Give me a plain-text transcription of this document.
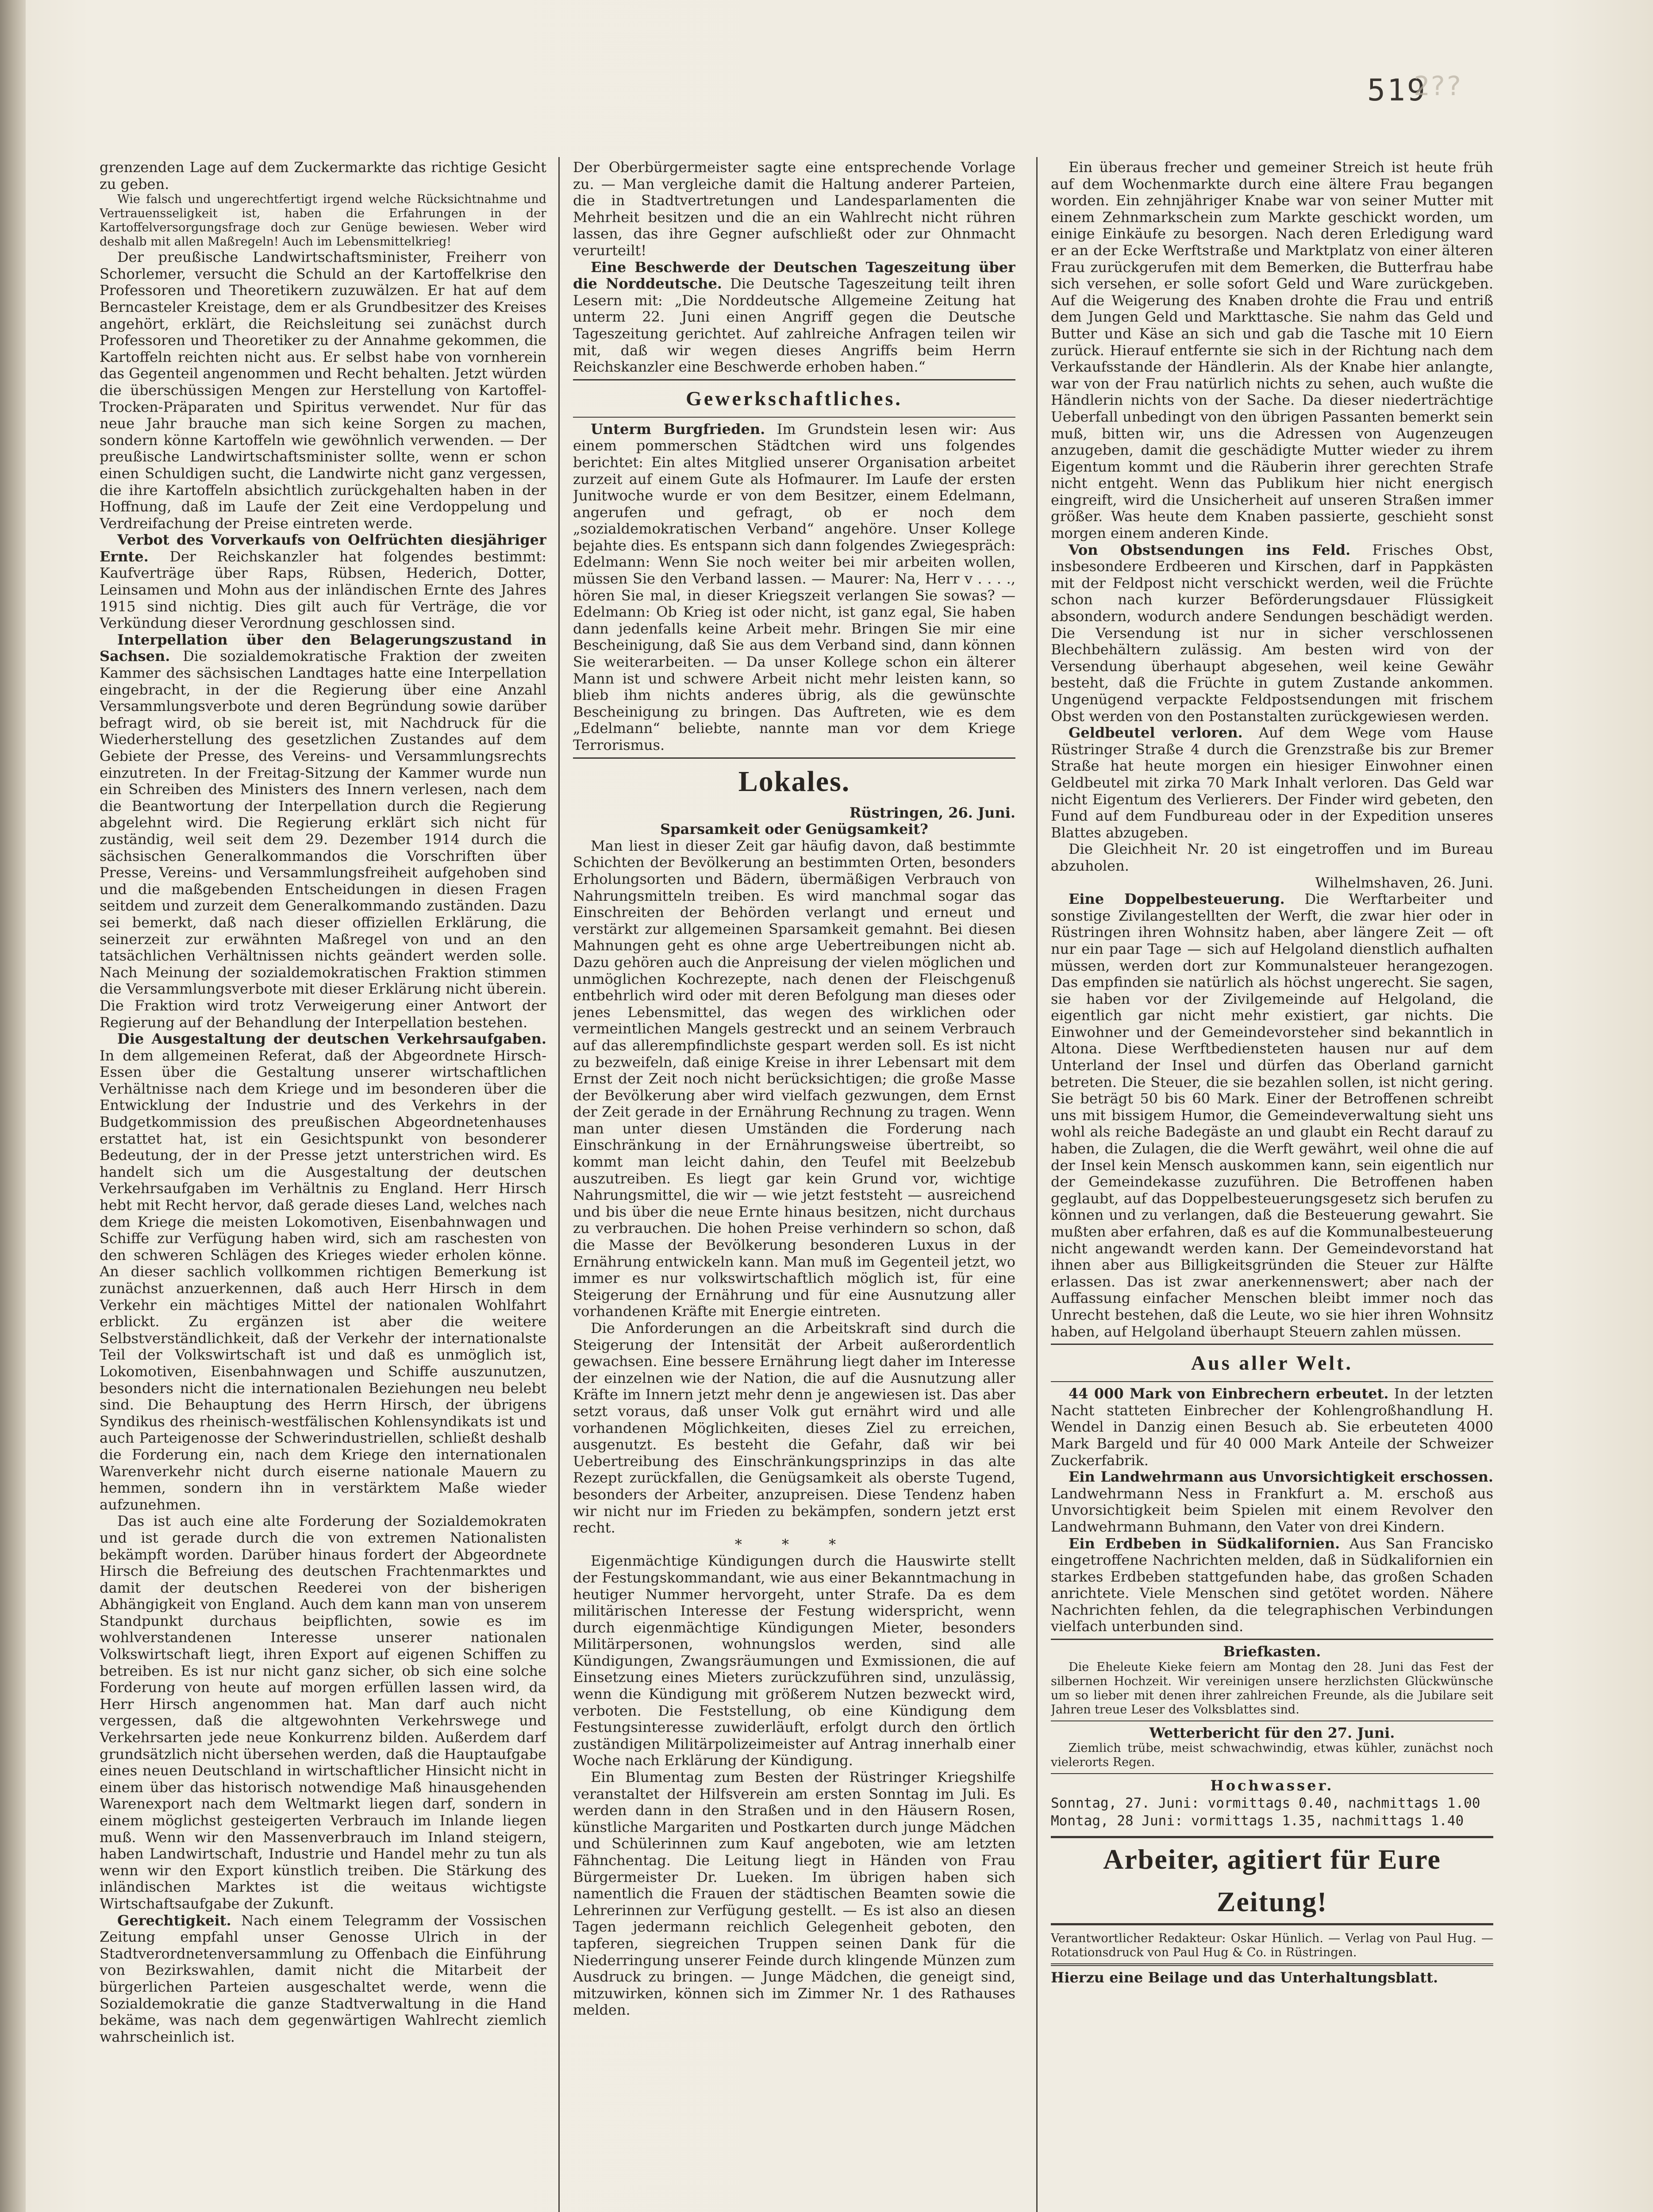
519
2??

grenzenden Lage auf dem Zuckermarkte das richtige Gesicht zu geben.

Wie falsch und ungerechtfertigt irgend welche Rücksichtnahme und Vertrauensseligkeit ist, haben die Erfahrungen in der Kartoffelversorgungsfrage doch zur Genüge bewiesen. Weber wird deshalb mit allen Maßregeln! Auch im Lebensmittelkrieg!

Der preußische Landwirtschaftsminister, Freiherr von Schorlemer, versucht die Schuld an der Kartoffelkrise den Professoren und Theoretikern zuzuwälzen. Er hat auf dem Berncasteler Kreistage, dem er als Grundbesitzer des Kreises angehört, erklärt, die Reichsleitung sei zunächst durch Professoren und Theoretiker zu der Annahme gekommen, die Kartoffeln reichten nicht aus. Er selbst habe von vornherein das Gegenteil angenommen und Recht behalten. Jetzt würden die überschüssigen Mengen zur Herstellung von Kartoffel-Trocken-Präparaten und Spiritus verwendet. Nur für das neue Jahr brauche man sich keine Sorgen zu machen, sondern könne Kartoffeln wie gewöhnlich verwenden. — Der preußische Landwirtschaftsminister sollte, wenn er schon einen Schuldigen sucht, die Landwirte nicht ganz vergessen, die ihre Kartoffeln absichtlich zurückgehalten haben in der Hoffnung, daß im Laufe der Zeit eine Verdoppelung und Verdreifachung der Preise eintreten werde.

Verbot des Vorverkaufs von Oelfrüchten diesjähriger Ernte. Der Reichskanzler hat folgendes bestimmt: Kaufverträge über Raps, Rübsen, Hederich, Dotter, Leinsamen und Mohn aus der inländischen Ernte des Jahres 1915 sind nichtig. Dies gilt auch für Verträge, die vor Verkündung dieser Verordnung geschlossen sind.

Interpellation über den Belagerungszustand in Sachsen. Die sozialdemokratische Fraktion der zweiten Kammer des sächsischen Landtages hatte eine Interpellation eingebracht, in der die Regierung über eine Anzahl Versammlungsverbote und deren Begründung sowie darüber befragt wird, ob sie bereit ist, mit Nachdruck für die Wiederherstellung des gesetzlichen Zustandes auf dem Gebiete der Presse, des Vereins- und Versammlungsrechts einzutreten. In der Freitag-Sitzung der Kammer wurde nun ein Schreiben des Ministers des Innern verlesen, nach dem die Beantwortung der Interpellation durch die Regierung abgelehnt wird. Die Regierung erklärt sich nicht für zuständig, weil seit dem 29. Dezember 1914 durch die sächsischen Generalkommandos die Vorschriften über Presse, Vereins- und Versammlungsfreiheit aufgehoben sind und die maßgebenden Entscheidungen in diesen Fragen seitdem und zurzeit dem Generalkommando zuständen. Dazu sei bemerkt, daß nach dieser offiziellen Erklärung, die seinerzeit zur erwähnten Maßregel von und an den tatsächlichen Verhältnissen nichts geändert werden solle. Nach Meinung der sozialdemokratischen Fraktion stimmen die Versammlungsverbote mit dieser Erklärung nicht überein. Die Fraktion wird trotz Verweigerung einer Antwort der Regierung auf der Behandlung der Interpellation bestehen.

Die Ausgestaltung der deutschen Verkehrsaufgaben. In dem allgemeinen Referat, daß der Abgeordnete Hirsch-Essen über die Gestaltung unserer wirtschaftlichen Verhältnisse nach dem Kriege und im besonderen über die Entwicklung der Industrie und des Verkehrs in der Budgetkommission des preußischen Abgeordnetenhauses erstattet hat, ist ein Gesichtspunkt von besonderer Bedeutung, der in der Presse jetzt unterstrichen wird. Es handelt sich um die Ausgestaltung der deutschen Verkehrsaufgaben im Verhältnis zu England. Herr Hirsch hebt mit Recht hervor, daß gerade dieses Land, welches nach dem Kriege die meisten Lokomotiven, Eisenbahnwagen und Schiffe zur Verfügung haben wird, sich am raschesten von den schweren Schlägen des Krieges wieder erholen könne. An dieser sachlich vollkommen richtigen Bemerkung ist zunächst anzuerkennen, daß auch Herr Hirsch in dem Verkehr ein mächtiges Mittel der nationalen Wohlfahrt erblickt. Zu ergänzen ist aber die weitere Selbstverständlichkeit, daß der Verkehr der internationalste Teil der Volkswirtschaft ist und daß es unmöglich ist, Lokomotiven, Eisenbahnwagen und Schiffe auszunutzen, besonders nicht die internationalen Beziehungen neu belebt sind. Die Behauptung des Herrn Hirsch, der übrigens Syndikus des rheinisch-westfälischen Kohlensyndikats ist und auch Parteigenosse der Schwerindustriellen, schließt deshalb die Forderung ein, nach dem Kriege den internationalen Warenverkehr nicht durch eiserne nationale Mauern zu hemmen, sondern ihn in verstärktem Maße wieder aufzunehmen.

Das ist auch eine alte Forderung der Sozialdemokraten und ist gerade durch die von extremen Nationalisten bekämpft worden. Darüber hinaus fordert der Abgeordnete Hirsch die Befreiung des deutschen Frachtenmarktes und damit der deutschen Reederei von der bisherigen Abhängigkeit von England. Auch dem kann man von unserem Standpunkt durchaus beipflichten, sowie es im wohlverstandenen Interesse unserer nationalen Volkswirtschaft liegt, ihren Export auf eigenen Schiffen zu betreiben. Es ist nur nicht ganz sicher, ob sich eine solche Forderung von heute auf morgen erfüllen lassen wird, da Herr Hirsch angenommen hat. Man darf auch nicht vergessen, daß die altgewohnten Verkehrswege und Verkehrsarten jede neue Konkurrenz bilden. Außerdem darf grundsätzlich nicht übersehen werden, daß die Hauptaufgabe eines neuen Deutschland in wirtschaftlicher Hinsicht nicht in einem über das historisch notwendige Maß hinausgehenden Warenexport nach dem Weltmarkt liegen darf, sondern in einem möglichst gesteigerten Verbrauch im Inlande liegen muß. Wenn wir den Massenverbrauch im Inland steigern, haben Landwirtschaft, Industrie und Handel mehr zu tun als wenn wir den Export künstlich treiben. Die Stärkung des inländischen Marktes ist die weitaus wichtigste Wirtschaftsaufgabe der Zukunft.

Gerechtigkeit. Nach einem Telegramm der Vossischen Zeitung empfahl unser Genosse Ulrich in der Stadtverordnetenversammlung zu Offenbach die Einführung von Bezirkswahlen, damit nicht die Mitarbeit der bürgerlichen Parteien ausgeschaltet werde, wenn die Sozialdemokratie die ganze Stadtverwaltung in die Hand bekäme, was nach dem gegenwärtigen Wahlrecht ziemlich wahrscheinlich ist.

Der Oberbürgermeister sagte eine entsprechende Vorlage zu. — Man vergleiche damit die Haltung anderer Parteien, die in Stadtvertretungen und Landesparlamenten die Mehrheit besitzen und die an ein Wahlrecht nicht rühren lassen, das ihre Gegner aufschließt oder zur Ohnmacht verurteilt!

Eine Beschwerde der Deutschen Tageszeitung über die Norddeutsche. Die Deutsche Tageszeitung teilt ihren Lesern mit: „Die Norddeutsche Allgemeine Zeitung hat unterm 22. Juni einen Angriff gegen die Deutsche Tageszeitung gerichtet. Auf zahlreiche Anfragen teilen wir mit, daß wir wegen dieses Angriffs beim Herrn Reichskanzler eine Beschwerde erhoben haben.“

Gewerkschaftliches.

Unterm Burgfrieden. Im Grundstein lesen wir: Aus einem pommerschen Städtchen wird uns folgendes berichtet: Ein altes Mitglied unserer Organisation arbeitet zurzeit auf einem Gute als Hofmaurer. Im Laufe der ersten Junitwoche wurde er von dem Besitzer, einem Edelmann, angerufen und gefragt, ob er noch dem „sozialdemokratischen Verband“ angehöre. Unser Kollege bejahte dies. Es entspann sich dann folgendes Zwiegespräch: Edelmann: Wenn Sie noch weiter bei mir arbeiten wollen, müssen Sie den Verband lassen. — Maurer: Na, Herr v . . . ., hören Sie mal, in dieser Kriegszeit verlangen Sie sowas? — Edelmann: Ob Krieg ist oder nicht, ist ganz egal, Sie haben dann jedenfalls keine Arbeit mehr. Bringen Sie mir eine Bescheinigung, daß Sie aus dem Verband sind, dann können Sie weiterarbeiten. — Da unser Kollege schon ein älterer Mann ist und schwere Arbeit nicht mehr leisten kann, so blieb ihm nichts anderes übrig, als die gewünschte Bescheinigung zu bringen. Das Auftreten, wie es dem „Edelmann“ beliebte, nannte man vor dem Kriege Terrorismus.

Lokales.

Rüstringen, 26. Juni.

Sparsamkeit oder Genügsamkeit?

Man liest in dieser Zeit gar häufig davon, daß bestimmte Schichten der Bevölkerung an bestimmten Orten, besonders Erholungsorten und Bädern, übermäßigen Verbrauch von Nahrungsmitteln treiben. Es wird manchmal sogar das Einschreiten der Behörden verlangt und erneut und verstärkt zur allgemeinen Sparsamkeit gemahnt. Bei diesen Mahnungen geht es ohne arge Uebertreibungen nicht ab. Dazu gehören auch die Anpreisung der vielen möglichen und unmöglichen Kochrezepte, nach denen der Fleischgenuß entbehrlich wird oder mit deren Befolgung man dieses oder jenes Lebensmittel, das wegen des wirklichen oder vermeintlichen Mangels gestreckt und an seinem Verbrauch auf das allerempfindlichste gespart werden soll. Es ist nicht zu bezweifeln, daß einige Kreise in ihrer Lebensart mit dem Ernst der Zeit noch nicht berücksichtigen; die große Masse der Bevölkerung aber wird vielfach gezwungen, dem Ernst der Zeit gerade in der Ernährung Rechnung zu tragen. Wenn man unter diesen Umständen die Forderung nach Einschränkung in der Ernährungsweise übertreibt, so kommt man leicht dahin, den Teufel mit Beelzebub auszutreiben. Es liegt gar kein Grund vor, wichtige Nahrungsmittel, die wir — wie jetzt feststeht — ausreichend und bis über die neue Ernte hinaus besitzen, nicht durchaus zu verbrauchen. Die hohen Preise verhindern so schon, daß die Masse der Bevölkerung besonderen Luxus in der Ernährung entwickeln kann. Man muß im Gegenteil jetzt, wo immer es nur volkswirtschaftlich möglich ist, für eine Steigerung der Ernährung und für eine Ausnutzung aller vorhandenen Kräfte mit Energie eintreten.

Die Anforderungen an die Arbeitskraft sind durch die Steigerung der Intensität der Arbeit außerordentlich gewachsen. Eine bessere Ernährung liegt daher im Interesse der einzelnen wie der Nation, die auf die Ausnutzung aller Kräfte im Innern jetzt mehr denn je angewiesen ist. Das aber setzt voraus, daß unser Volk gut ernährt wird und alle vorhandenen Möglichkeiten, dieses Ziel zu erreichen, ausgenutzt. Es besteht die Gefahr, daß wir bei Uebertreibung des Einschränkungsprinzips in das alte Rezept zurückfallen, die Genügsamkeit als oberste Tugend, besonders der Arbeiter, anzupreisen. Diese Tendenz haben wir nicht nur im Frieden zu bekämpfen, sondern jetzt erst recht.

* * *

Eigenmächtige Kündigungen durch die Hauswirte stellt der Festungskommandant, wie aus einer Bekanntmachung in heutiger Nummer hervorgeht, unter Strafe. Da es dem militärischen Interesse der Festung widerspricht, wenn durch eigenmächtige Kündigungen Mieter, besonders Militärpersonen, wohnungslos werden, sind alle Kündigungen, Zwangsräumungen und Exmissionen, die auf Einsetzung eines Mieters zurückzuführen sind, unzulässig, wenn die Kündigung mit größerem Nutzen bezweckt wird, verboten. Die Feststellung, ob eine Kündigung dem Festungsinteresse zuwiderläuft, erfolgt durch den örtlich zuständigen Militärpolizeimeister auf Antrag innerhalb einer Woche nach Erklärung der Kündigung.

Ein Blumentag zum Besten der Rüstringer Kriegshilfe veranstaltet der Hilfsverein am ersten Sonntag im Juli. Es werden dann in den Straßen und in den Häusern Rosen, künstliche Margariten und Postkarten durch junge Mädchen und Schülerinnen zum Kauf angeboten, wie am letzten Fähnchentag. Die Leitung liegt in Händen von Frau Bürgermeister Dr. Lueken. Im übrigen haben sich namentlich die Frauen der städtischen Beamten sowie die Lehrerinnen zur Verfügung gestellt. — Es ist also an diesen Tagen jedermann reichlich Gelegenheit geboten, den tapferen, siegreichen Truppen seinen Dank für die Niederringung unserer Feinde durch klingende Münzen zum Ausdruck zu bringen. — Junge Mädchen, die geneigt sind, mitzuwirken, können sich im Zimmer Nr. 1 des Rathauses melden.

Ein überaus frecher und gemeiner Streich ist heute früh auf dem Wochenmarkte durch eine ältere Frau begangen worden. Ein zehnjähriger Knabe war von seiner Mutter mit einem Zehnmarkschein zum Markte geschickt worden, um einige Einkäufe zu besorgen. Nach deren Erledigung ward er an der Ecke Werftstraße und Marktplatz von einer älteren Frau zurückgerufen mit dem Bemerken, die Butterfrau habe sich versehen, er solle sofort Geld und Ware zurückgeben. Auf die Weigerung des Knaben drohte die Frau und entriß dem Jungen Geld und Markttasche. Sie nahm das Geld und Butter und Käse an sich und gab die Tasche mit 10 Eiern zurück. Hierauf entfernte sie sich in der Richtung nach dem Verkaufsstande der Händlerin. Als der Knabe hier anlangte, war von der Frau natürlich nichts zu sehen, auch wußte die Händlerin nichts von der Sache. Da dieser niederträchtige Ueberfall unbedingt von den übrigen Passanten bemerkt sein muß, bitten wir, uns die Adressen von Augenzeugen anzugeben, damit die geschädigte Mutter wieder zu ihrem Eigentum kommt und die Räuberin ihrer gerechten Strafe nicht entgeht. Wenn das Publikum hier nicht energisch eingreift, wird die Unsicherheit auf unseren Straßen immer größer. Was heute dem Knaben passierte, geschieht sonst morgen einem anderen Kinde.

Von Obstsendungen ins Feld. Frisches Obst, insbesondere Erdbeeren und Kirschen, darf in Pappkästen mit der Feldpost nicht verschickt werden, weil die Früchte schon nach kurzer Beförderungsdauer Flüssigkeit absondern, wodurch andere Sendungen beschädigt werden. Die Versendung ist nur in sicher verschlossenen Blechbehältern zulässig. Am besten wird von der Versendung überhaupt abgesehen, weil keine Gewähr besteht, daß die Früchte in gutem Zustande ankommen. Ungenügend verpackte Feldpostsendungen mit frischem Obst werden von den Postanstalten zurückgewiesen werden.

Geldbeutel verloren. Auf dem Wege vom Hause Rüstringer Straße 4 durch die Grenzstraße bis zur Bremer Straße hat heute morgen ein hiesiger Einwohner einen Geldbeutel mit zirka 70 Mark Inhalt verloren. Das Geld war nicht Eigentum des Verlierers. Der Finder wird gebeten, den Fund auf dem Fundbureau oder in der Expedition unseres Blattes abzugeben.

Die Gleichheit Nr. 20 ist eingetroffen und im Bureau abzuholen.

Wilhelmshaven, 26. Juni.

Eine Doppelbesteuerung. Die Werftarbeiter und sonstige Zivilangestellten der Werft, die zwar hier oder in Rüstringen ihren Wohnsitz haben, aber längere Zeit — oft nur ein paar Tage — sich auf Helgoland dienstlich aufhalten müssen, werden dort zur Kommunalsteuer herangezogen. Das empfinden sie natürlich als höchst ungerecht. Sie sagen, sie haben vor der Zivilgemeinde auf Helgoland, die eigentlich gar nicht mehr existiert, gar nichts. Die Einwohner und der Gemeindevorsteher sind bekanntlich in Altona. Diese Werftbediensteten hausen nur auf dem Unterland der Insel und dürfen das Oberland garnicht betreten. Die Steuer, die sie bezahlen sollen, ist nicht gering. Sie beträgt 50 bis 60 Mark. Einer der Betroffenen schreibt uns mit bissigem Humor, die Gemeindeverwaltung sieht uns wohl als reiche Badegäste an und glaubt ein Recht darauf zu haben, die Zulagen, die die Werft gewährt, weil ohne die auf der Insel kein Mensch auskommen kann, sein eigentlich nur der Gemeindekasse zuzuführen. Die Betroffenen haben geglaubt, auf das Doppelbesteuerungsgesetz sich berufen zu können und zu verlangen, daß die Besteuerung gewahrt. Sie mußten aber erfahren, daß es auf die Kommunalbesteuerung nicht angewandt werden kann. Der Gemeindevorstand hat ihnen aber aus Billigkeitsgründen die Steuer zur Hälfte erlassen. Das ist zwar anerkennenswert; aber nach der Auffassung einfacher Menschen bleibt immer noch das Unrecht bestehen, daß die Leute, wo sie hier ihren Wohnsitz haben, auf Helgoland überhaupt Steuern zahlen müssen.

Aus aller Welt.

44 000 Mark von Einbrechern erbeutet. In der letzten Nacht statteten Einbrecher der Kohlengroßhandlung H. Wendel in Danzig einen Besuch ab. Sie erbeuteten 4000 Mark Bargeld und für 40 000 Mark Anteile der Schweizer Zuckerfabrik.

Ein Landwehrmann aus Unvorsichtigkeit erschossen. Landwehrmann Ness in Frankfurt a. M. erschoß aus Unvorsichtigkeit beim Spielen mit einem Revolver den Landwehrmann Buhmann, den Vater von drei Kindern.

Ein Erdbeben in Südkalifornien. Aus San Francisko eingetroffene Nachrichten melden, daß in Südkalifornien ein starkes Erdbeben stattgefunden habe, das großen Schaden anrichtete. Viele Menschen sind getötet worden. Nähere Nachrichten fehlen, da die telegraphischen Verbindungen vielfach unterbunden sind.

Briefkasten.

Die Eheleute Kieke feiern am Montag den 28. Juni das Fest der silbernen Hochzeit. Wir vereinigen unsere herzlichsten Glückwünsche um so lieber mit denen ihrer zahlreichen Freunde, als die Jubilare seit Jahren treue Leser des Volksblattes sind.

Wetterbericht für den 27. Juni.

Ziemlich trübe, meist schwachwindig, etwas kühler, zunächst noch vielerorts Regen.

Hochwasser.

Sonntag, 27. Juni: vormittags 0.40, nachmittags 1.00

Montag, 28 Juni: vormittags 1.35, nachmittags 1.40

Arbeiter, agitiert für Eure Zeitung!

Verantwortlicher Redakteur: Oskar Hünlich. — Verlag von Paul Hug. — Rotationsdruck von Paul Hug & Co. in Rüstringen.

Hierzu eine Beilage und das Unterhaltungsblatt.
